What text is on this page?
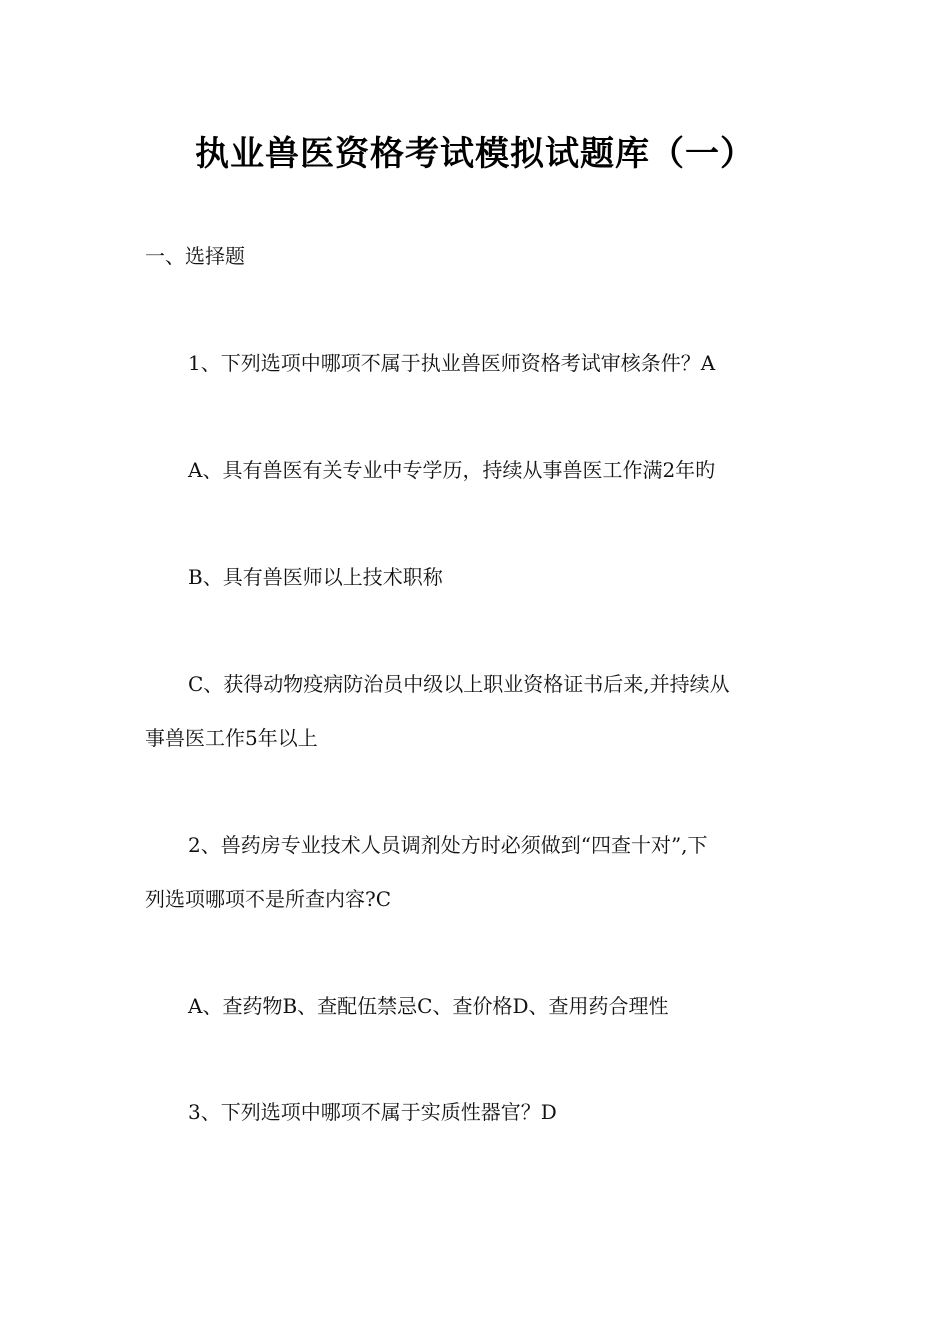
执业兽医资格考试模拟试题库（一）
一、选择题
1、下列选项中哪项不属于执业兽医师资格考试审核条件？A
A、具有兽医有关专业中专学历，持续从事兽医工作满2年旳
B、具有兽医师以上技术职称
C、获得动物疫病防治员中级以上职业资格证书后来,并持续从
事兽医工作5年以上
2、兽药房专业技术人员调剂处方时必须做到“四查十对”,下
列选项哪项不是所查内容?C
A、查药物B、查配伍禁忌C、查价格D、查用药合理性
3、下列选项中哪项不属于实质性器官？D
